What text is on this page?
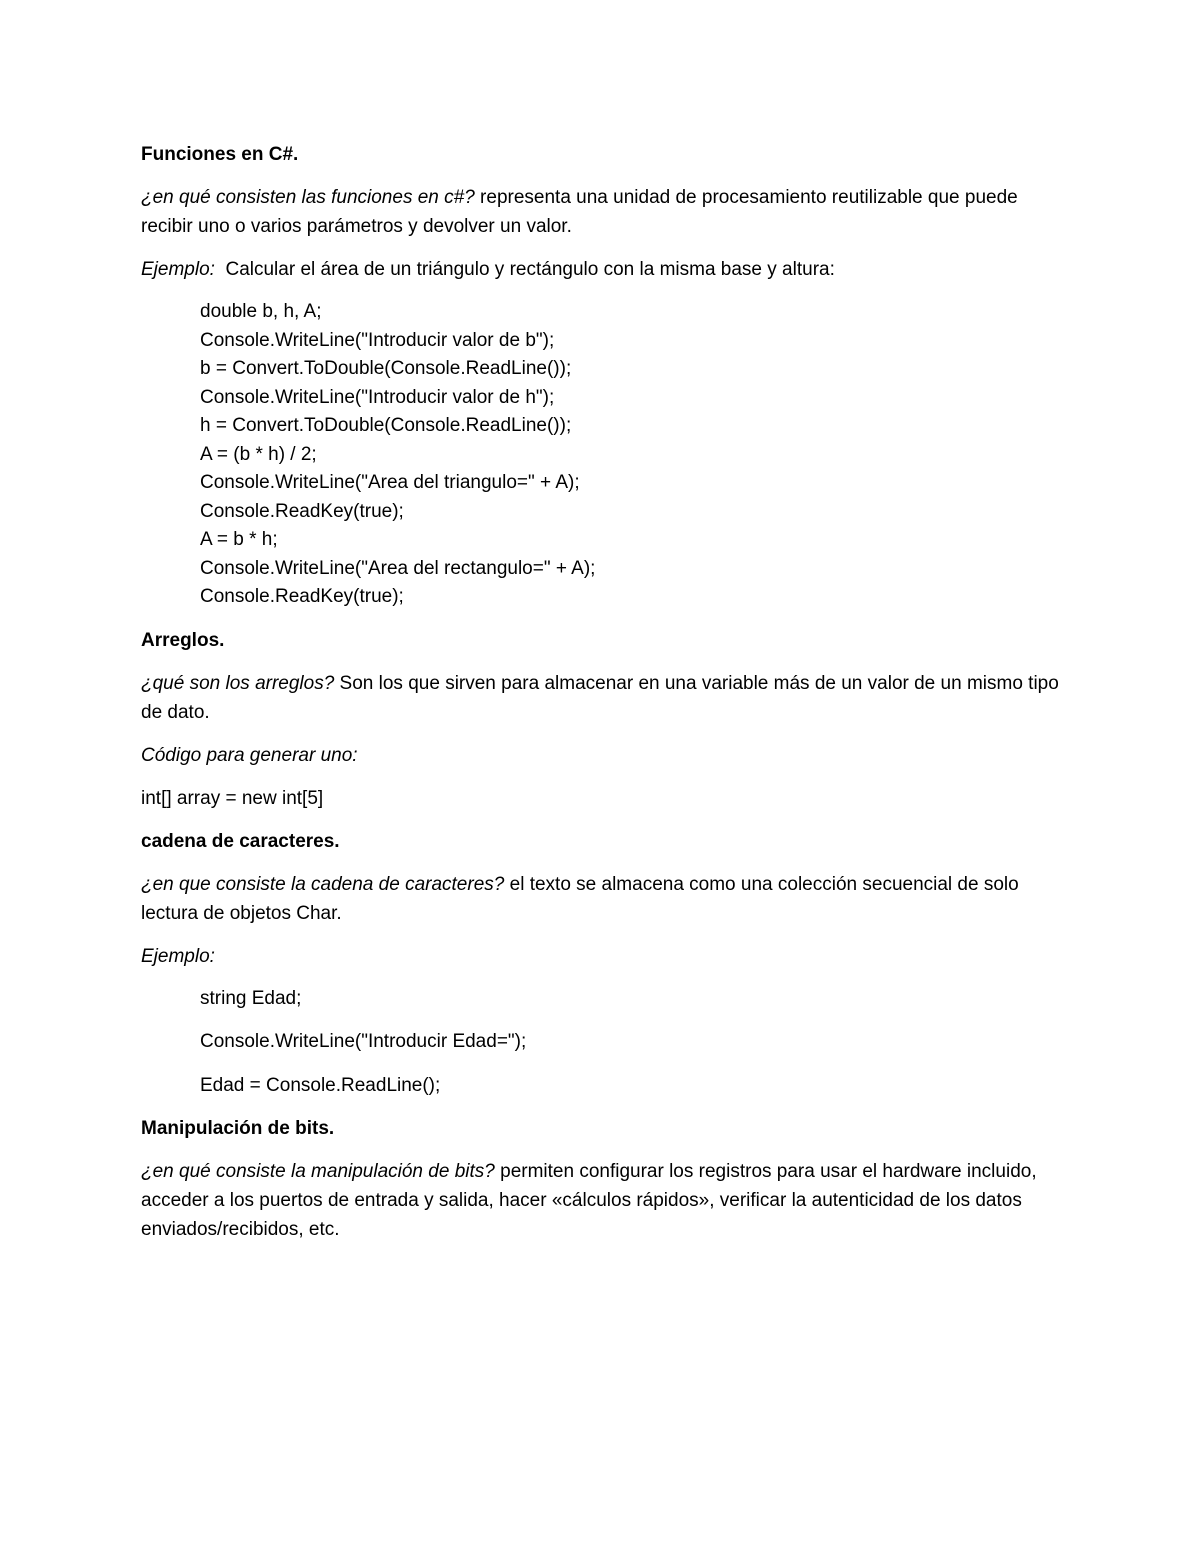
Funciones en C#.
¿en qué consisten las funciones en c#? representa una unidad de procesamiento reutilizable que puede recibir uno o varios parámetros y devolver un valor.
Ejemplo:  Calcular el área de un triángulo y rectángulo con la misma base y altura:
double b, h, A;
Console.WriteLine("Introducir valor de b");
b = Convert.ToDouble(Console.ReadLine());
Console.WriteLine("Introducir valor de h");
h = Convert.ToDouble(Console.ReadLine());
A = (b * h) / 2;
Console.WriteLine("Area del triangulo=" + A);
Console.ReadKey(true);
A = b * h;
Console.WriteLine("Area del rectangulo=" + A);
Console.ReadKey(true);
Arreglos.
¿qué son los arreglos? Son los que sirven para almacenar en una variable más de un valor de un mismo tipo de dato.
Código para generar uno:
int[] array = new int[5]
cadena de caracteres.
¿en que consiste la cadena de caracteres? el texto se almacena como una colección secuencial de solo lectura de objetos Char.
Ejemplo:
string Edad;
Console.WriteLine("Introducir Edad=");
Edad = Console.ReadLine();
Manipulación de bits.
¿en qué consiste la manipulación de bits? permiten configurar los registros para usar el hardware incluido, acceder a los puertos de entrada y salida, hacer «cálculos rápidos», verificar la autenticidad de los datos enviados/recibidos, etc.
